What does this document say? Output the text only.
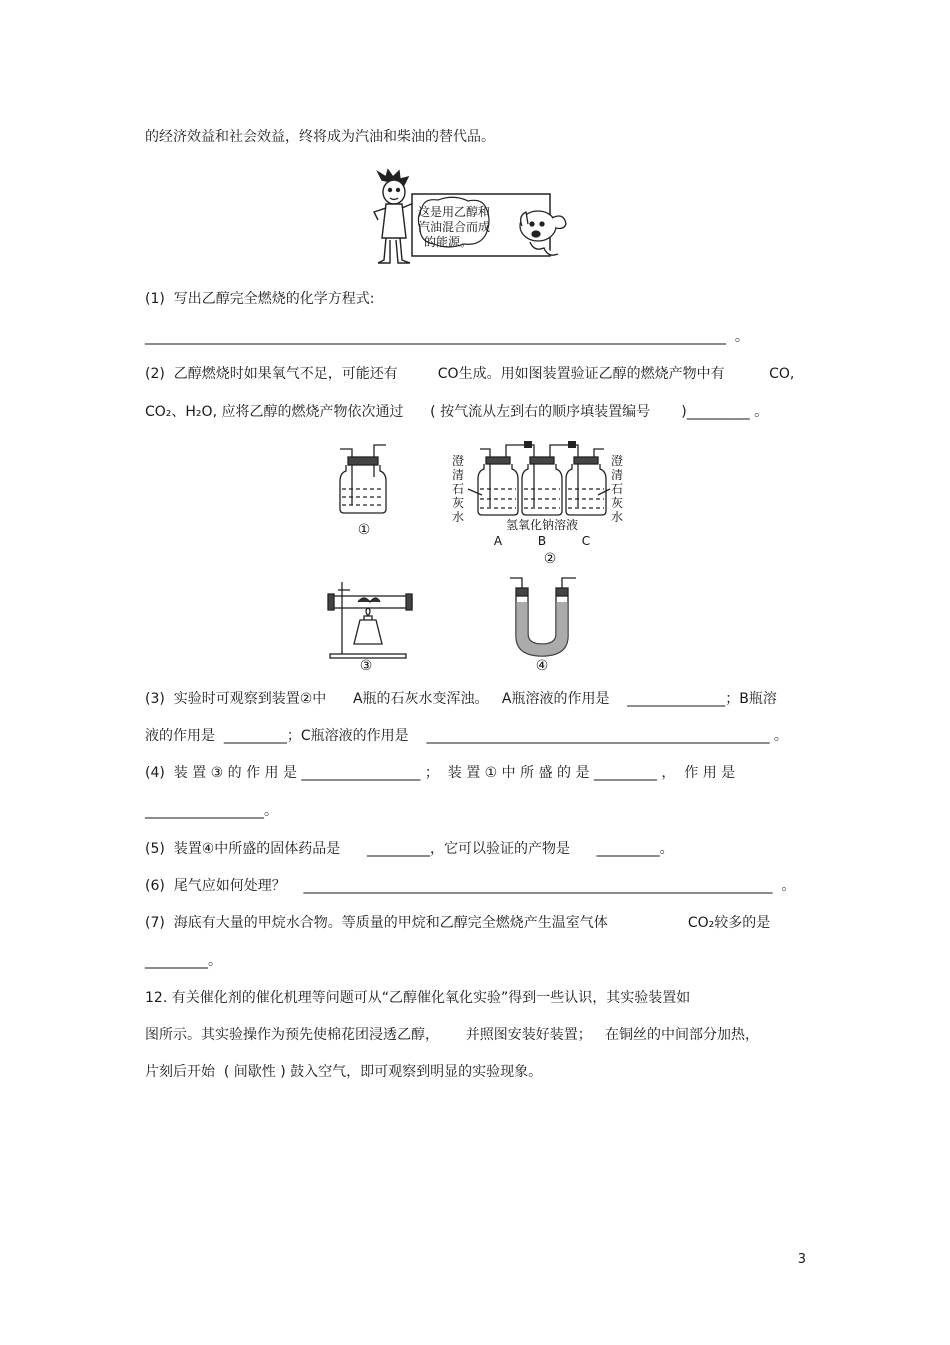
的经济效益和社会效益，终将成为汽油和柴油的替代品。
这是用乙醇和
汽油混合而成
的能源。
(1)  写出乙醇完全燃烧的化学方程式:
___________________________________________________________________________________  。
(2)  乙醇燃烧时如果氧气不足，可能还有         CO生成。用如图装置验证乙醇的燃烧产物中有          CO,
CO₂、H₂O, 应将乙醇的燃烧产物依次通过      ( 按气流从左到右的顺序填装置编号       )_________ 。
①
澄
清
石
灰
水
澄
清
石
灰
水
氢氧化钠溶液
A	B	C
②
③	④
(3)  实验时可观察到装置②中      A瓶的石灰水变浑浊。   A瓶溶液的作用是    ______________；B瓶溶
液的作用是  _________；C瓶溶液的作用是    _________________________________________________ 。
(4)  装 置 ③ 的 作 用 是 _________________ ；  装 置 ① 中 所 盛 的 是 _________ ，  作 用 是
_________________。
(5)  装置④中所盛的固体药品是      _________，它可以验证的产物是      _________。
(6)  尾气应如何处理？    ___________________________________________________________________  。
(7)  海底有大量的甲烷水合物。等质量的甲烷和乙醇完全燃烧产生温室气体                  CO₂较多的是
_________。
12. 有关催化剂的催化机理等问题可从“乙醇催化氧化实验”得到一些认识，其实验装置如
图所示。其实验操作为预先使棉花团浸透乙醇，      并照图安装好装置；   在铜丝的中间部分加热，
片刻后开始  ( 间歇性 ) 鼓入空气，即可观察到明显的实验现象。
3
